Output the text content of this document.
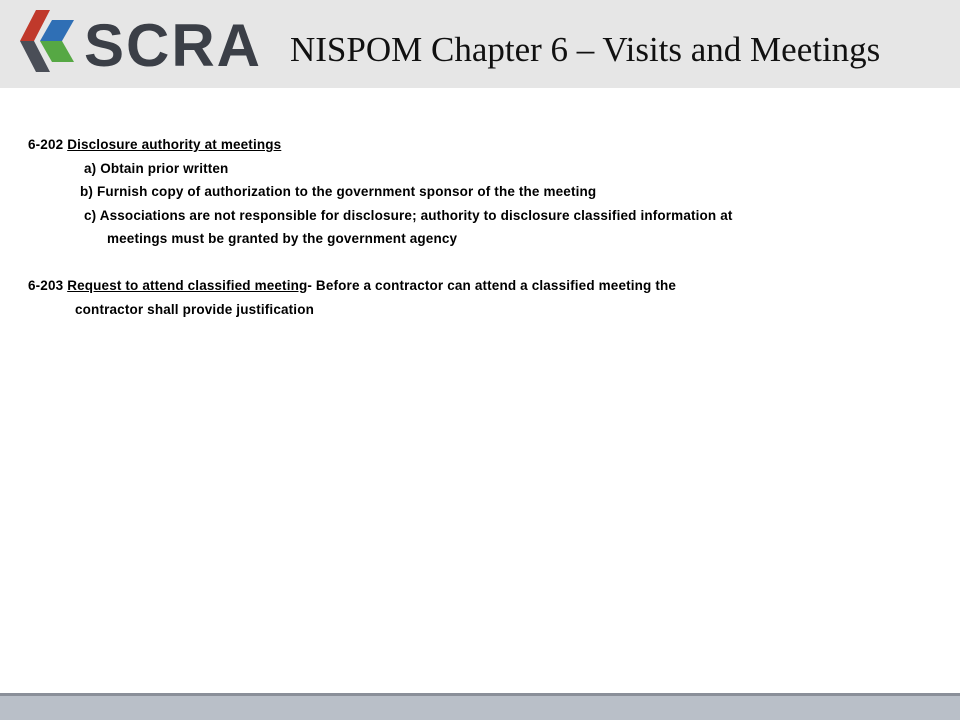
SCRA NISPOM Chapter 6 – Visits and Meetings
6-202 Disclosure authority at meetings
a) Obtain prior written
b) Furnish copy of authorization to the government sponsor of the the meeting
c) Associations are not responsible for disclosure; authority to disclosure classified information at
meetings must be granted by the government agency
6-203 Request to attend classified meeting- Before a contractor can attend a classified meeting the
contractor shall provide justification
